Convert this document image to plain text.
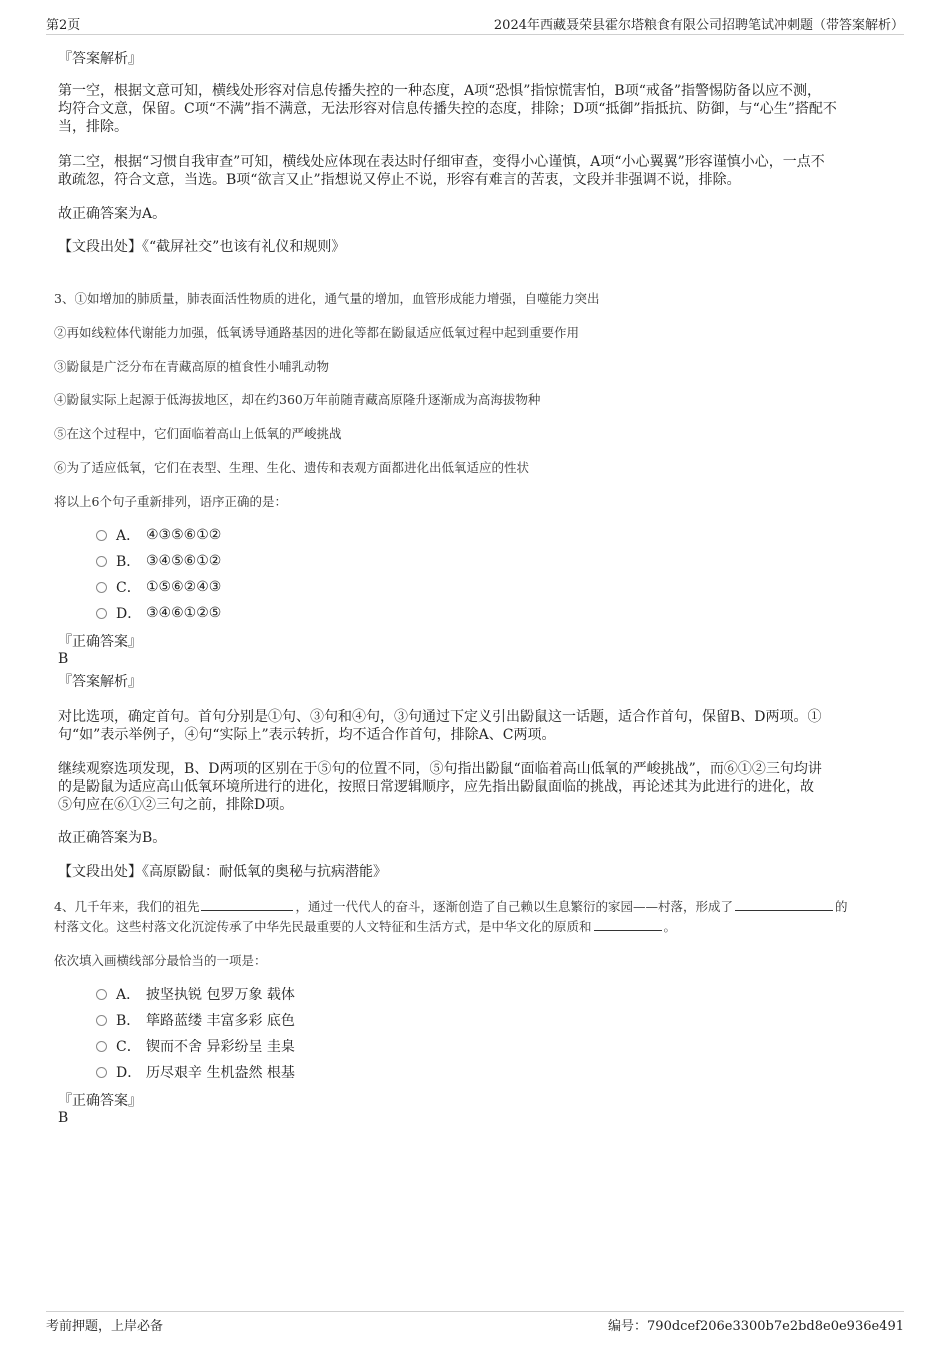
第2页	2024年西藏聂荣县霍尔塔粮食有限公司招聘笔试冲刺题（带答案解析）
『答案解析』
第一空，根据文意可知，横线处形容对信息传播失控的一种态度，A项“恐惧”指惊慌害怕，B项“戒备”指警惕防备以应不测，
均符合文意，保留。C项“不满”指不满意，无法形容对信息传播失控的态度，排除；D项“抵御”指抵抗、防御，与“心生”搭配不
当，排除。
第二空，根据“习惯自我审查”可知，横线处应体现在表达时仔细审查，变得小心谨慎，A项“小心翼翼”形容谨慎小心，一点不
敢疏忽，符合文意，当选。B项“欲言又止”指想说又停止不说，形容有难言的苦衷，文段并非强调不说，排除。
故正确答案为A。
【文段出处】《“截屏社交”也该有礼仪和规则》
3、①如增加的肺质量，肺表面活性物质的进化，通气量的增加，血管形成能力增强，自噬能力突出
②再如线粒体代谢能力加强，低氧诱导通路基因的进化等都在鼢鼠适应低氧过程中起到重要作用
③鼢鼠是广泛分布在青藏高原的植食性小哺乳动物
④鼢鼠实际上起源于低海拔地区，却在约360万年前随青藏高原隆升逐渐成为高海拔物种
⑤在这个过程中，它们面临着高山上低氧的严峻挑战
⑥为了适应低氧，它们在表型、生理、生化、遗传和表观方面都进化出低氧适应的性状
将以上6个句子重新排列，语序正确的是：
A． ④③⑤⑥①②
B． ③④⑤⑥①②
C． ①⑤⑥②④③
D． ③④⑥①②⑤
『正确答案』
B
『答案解析』
对比选项，确定首句。首句分别是①句、③句和④句，③句通过下定义引出鼢鼠这一话题，适合作首句，保留B、D两项。①
句“如”表示举例子，④句“实际上”表示转折，均不适合作首句，排除A、C两项。
继续观察选项发现，B、D两项的区别在于⑤句的位置不同，⑤句指出鼢鼠“面临着高山低氧的严峻挑战”，而⑥①②三句均讲
的是鼢鼠为适应高山低氧环境所进行的进化，按照日常逻辑顺序，应先指出鼢鼠面临的挑战，再论述其为此进行的进化，故
⑤句应在⑥①②三句之前，排除D项。
故正确答案为B。
【文段出处】《高原鼢鼠：耐低氧的奥秘与抗病潜能》
4、几千年来，我们的祖先	，通过一代代人的奋斗，逐渐创造了自己赖以生息繁衍的家园——村落，形成了	的
村落文化。这些村落文化沉淀传承了中华先民最重要的人文特征和生活方式，是中华文化的原质和	。
依次填入画横线部分最恰当的一项是：
A． 披坚执锐 包罗万象 载体
B． 筚路蓝缕 丰富多彩 底色
C． 锲而不舍 异彩纷呈 圭臬
D． 历尽艰辛 生机盎然 根基
『正确答案』
B
考前押题，上岸必备	编号：790dcef206e3300b7e2bd8e0e936e491
